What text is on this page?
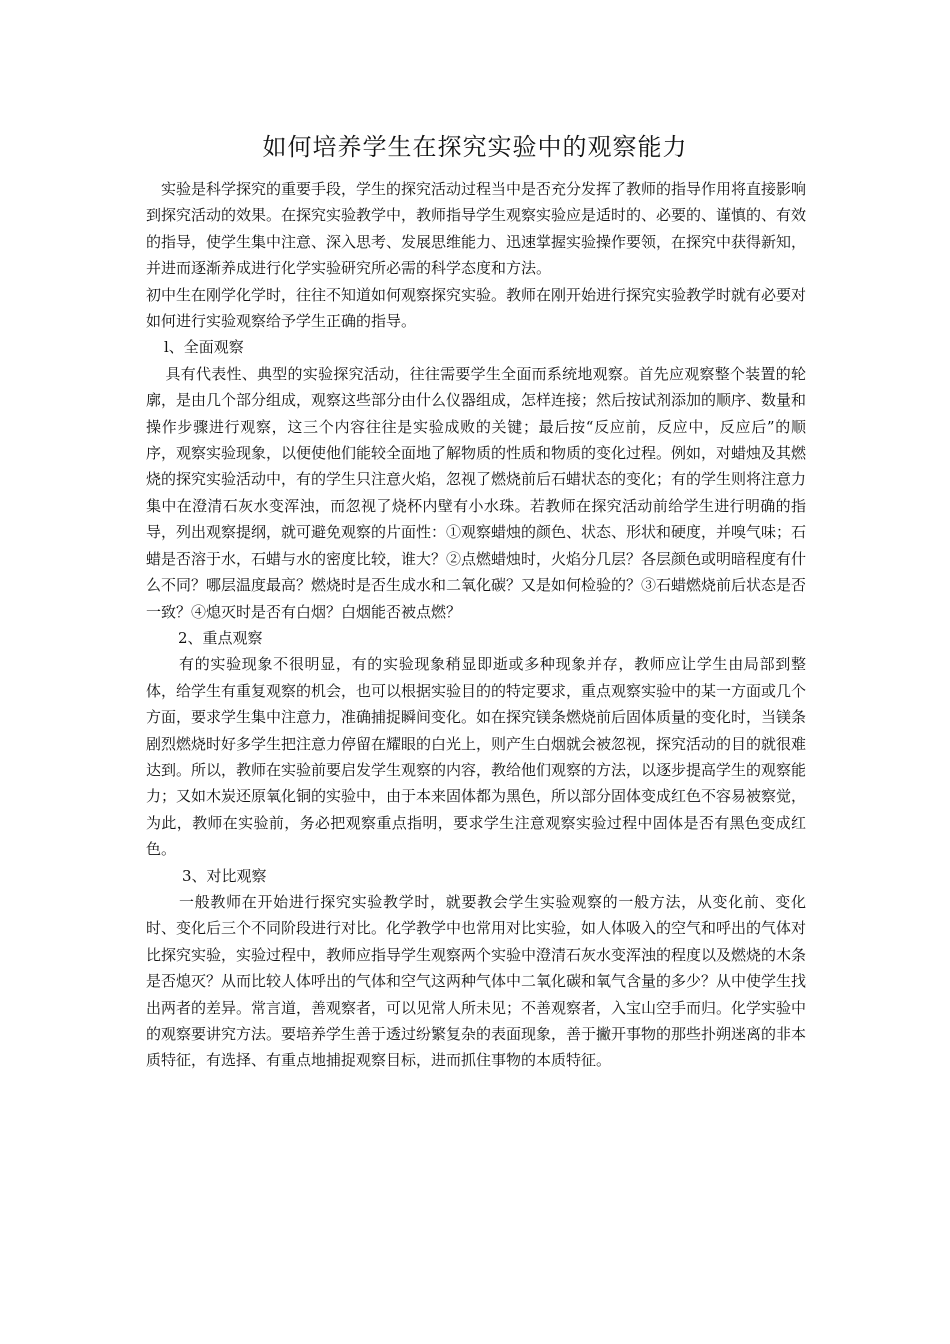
如何培养学生在探究实验中的观察能力

实验是科学探究的重要手段，学生的探究活动过程当中是否充分发挥了教师的指导作用将直接影响到探究活动的效果。在探究实验教学中，教师指导学生观察实验应是适时的、必要的、谨慎的、有效的指导，使学生集中注意、深入思考、发展思维能力、迅速掌握实验操作要领，在探究中获得新知，并进而逐渐养成进行化学实验研究所必需的科学态度和方法。

初中生在刚学化学时，往往不知道如何观察探究实验。教师在刚开始进行探究实验教学时就有必要对如何进行实验观察给予学生正确的指导。

l、全面观察

具有代表性、典型的实验探究活动，往往需要学生全面而系统地观察。首先应观察整个装置的轮廓，是由几个部分组成，观察这些部分由什么仪器组成，怎样连接；然后按试剂添加的顺序、数量和操作步骤进行观察，这三个内容往往是实验成败的关键；最后按“反应前，反应中，反应后”的顺序，观察实验现象，以便使他们能较全面地了解物质的性质和物质的变化过程。例如，对蜡烛及其燃烧的探究实验活动中，有的学生只注意火焰，忽视了燃烧前后石蜡状态的变化；有的学生则将注意力集中在澄清石灰水变浑浊，而忽视了烧杯内壁有小水珠。若教师在探究活动前给学生进行明确的指导，列出观察提纲，就可避免观察的片面性：①观察蜡烛的颜色、状态、形状和硬度，并嗅气味；石蜡是否溶于水，石蜡与水的密度比较，谁大？②点燃蜡烛时，火焰分几层？各层颜色或明暗程度有什么不同？哪层温度最高？燃烧时是否生成水和二氧化碳？又是如何检验的？③石蜡燃烧前后状态是否一致？④熄灭时是否有白烟？白烟能否被点燃？

2、重点观察

有的实验现象不很明显，有的实验现象稍显即逝或多种现象并存，教师应让学生由局部到整体，给学生有重复观察的机会，也可以根据实验目的的特定要求，重点观察实验中的某一方面或几个方面，要求学生集中注意力，准确捕捉瞬间变化。如在探究镁条燃烧前后固体质量的变化时，当镁条剧烈燃烧时好多学生把注意力停留在耀眼的白光上，则产生白烟就会被忽视，探究活动的目的就很难达到。所以，教师在实验前要启发学生观察的内容，教给他们观察的方法，以逐步提高学生的观察能力；又如木炭还原氧化铜的实验中，由于本来固体都为黑色，所以部分固体变成红色不容易被察觉，为此，教师在实验前，务必把观察重点指明，要求学生注意观察实验过程中固体是否有黑色变成红色。

3、对比观察

一般教师在开始进行探究实验教学时，就要教会学生实验观察的一般方法，从变化前、变化时、变化后三个不同阶段进行对比。化学教学中也常用对比实验，如人体吸入的空气和呼出的气体对比探究实验，实验过程中，教师应指导学生观察两个实验中澄清石灰水变浑浊的程度以及燃烧的木条是否熄灭？从而比较人体呼出的气体和空气这两种气体中二氧化碳和氧气含量的多少？从中使学生找出两者的差异。常言道，善观察者，可以见常人所未见；不善观察者，入宝山空手而归。化学实验中的观察要讲究方法。要培养学生善于透过纷繁复杂的表面现象，善于撇开事物的那些扑朔迷离的非本质特征，有选择、有重点地捕捉观察目标，进而抓住事物的本质特征。
